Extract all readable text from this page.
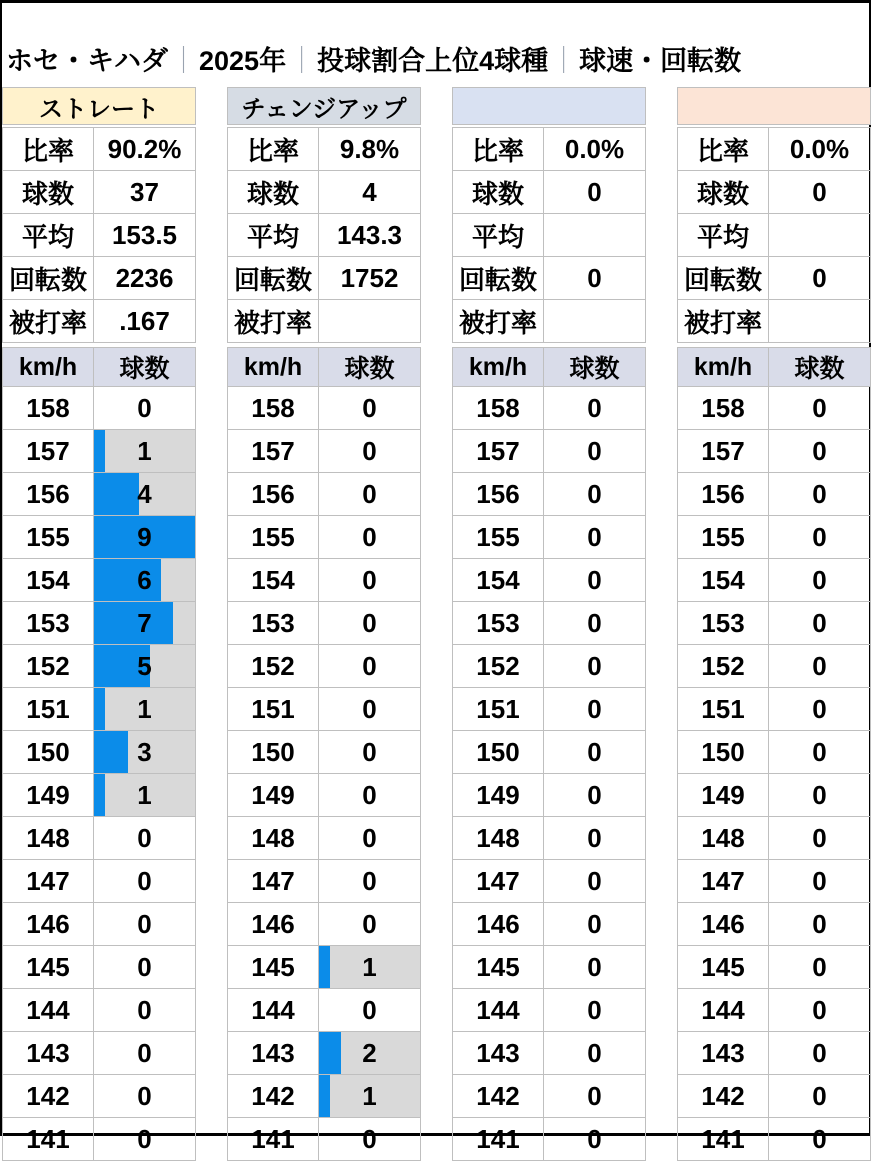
ホセ・キハダ｜2025年｜投球割合上位4球種｜球速・回転数
ストレート
比率	90.2%
球数	37
平均	153.5
回転数	2236
被打率	.167
km/h	球数
158	0
157	1
156	4
155	9
154	6
153	7
152	5
151	1
150	3
149	1
148	0
147	0
146	0
145	0
144	0
143	0
142	0
141	0
チェンジアップ
比率	9.8%
球数	4
平均	143.3
回転数	1752
被打率
km/h	球数
158	0
157	0
156	0
155	0
154	0
153	0
152	0
151	0
150	0
149	0
148	0
147	0
146	0
145	1
144	0
143	2
142	1
141	0
比率	0.0%
球数	0
平均
回転数	0
被打率
km/h	球数
158	0
157	0
156	0
155	0
154	0
153	0
152	0
151	0
150	0
149	0
148	0
147	0
146	0
145	0
144	0
143	0
142	0
141	0
比率	0.0%
球数	0
平均
回転数	0
被打率
km/h	球数
158	0
157	0
156	0
155	0
154	0
153	0
152	0
151	0
150	0
149	0
148	0
147	0
146	0
145	0
144	0
143	0
142	0
141	0
